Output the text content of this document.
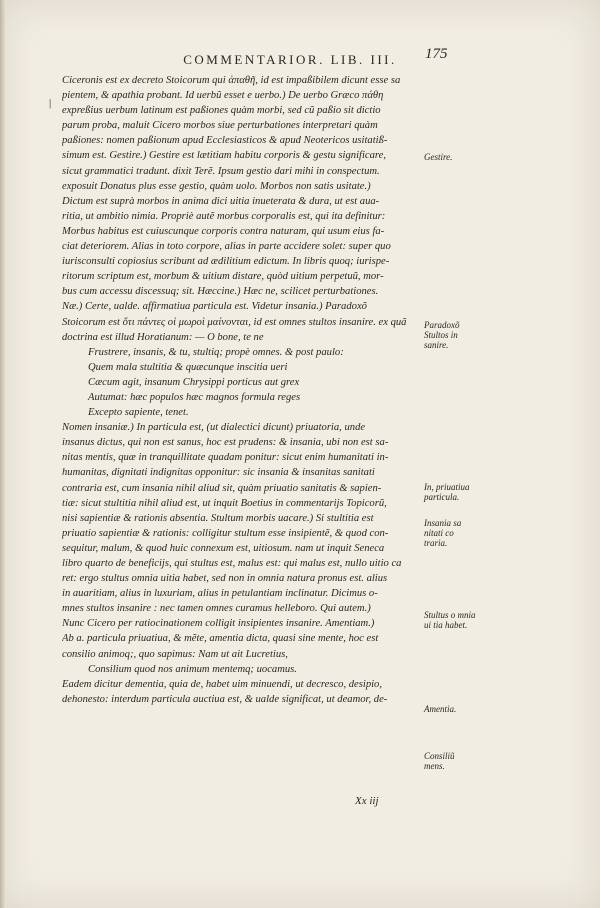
COMMENTARIOR. LIB. III.	175
|
Ciceronis est ex decreto Stoicorum qui ἀπαθῆ, id est impaßibilem dicunt esse sa
pientem, & apathia probant. Id uerbũ esset e uerbo.) De uerbo Græco πάθη
expreßius uerbum latinum est paßiones quàm morbi, sed cũ paßio sit dictio
parum proba, maluit Cicero morbos siue perturbationes interpretari quàm
paßiones: nomen paßionum apud Ecclesiasticos & apud Neotericos usitatiß-
simum est. Gestire.) Gestire est lætitiam habitu corporis & gestu significare,
sicut grammatici tradunt. dixit Terẽ. Ipsum gestio dari mihi in conspectum.
exposuit Donatus plus esse gestio, quàm uolo. Morbos non satis usitate.)
Dictum est suprà morbos in anima dici uitia inueterata & dura, ut est aua-
ritia, ut ambitio nimia. Propriè autẽ morbus corporalis est, qui ita definitur:
Morbus habitus est cuiuscunque corporis contra naturam, qui usum eius fa-
ciat deteriorem. Alias in toto corpore, alias in parte accidere solet: super quo
iurisconsulti copiosius scribunt ad ædilitium edictum. In libris quoq; iurispe-
ritorum scriptum est, morbum & uitium distare, quòd uitium perpetuũ, mor-
bus cum accessu discessuq; sit. Hæccine.) Hæc ne, scilicet perturbationes.
Næ.) Certe, ualde. affirmatiua particula est. Videtur insania.) Paradoxõ
Stoicorum est ὅτι πάντες οἱ μωροὶ μαίνονται, id est omnes stultos insanire. ex quã
doctrina est illud Horatianum: — O bone, te ne
Frustrere, insanis, & tu, stultiq; propè omnes. & post paulo:
Quem mala stultitia & quæcunque inscitia ueri
Cæcum agit, insanum Chrysippi porticus aut grex
Autumat: hæc populos hæc magnos formula reges
Excepto sapiente, tenet.
Nomen insaniæ.) In particula est, (ut dialectici dicunt) priuatoria, unde
insanus dictus, qui non est sanus, hoc est prudens: & insania, ubi non est sa-
nitas mentis, quæ in tranquillitate quadam ponitur: sicut enim humanitati in-
humanitas, dignitati indignitas opponitur: sic insania & insanitas sanitati
contraria est, cum insania nihil aliud sit, quàm priuatio sanitatis & sapien-
tiæ: sicut stultitia nihil aliud est, ut inquit Boetius in commentarijs Topicorũ,
nisi sapientiæ & rationis absentia. Stultum morbis uacare.) Si stultitia est
priuatio sapientiæ & rationis: colligitur stultum esse insipientẽ, & quod con-
sequitur, malum, & quod huic connexum est, uitiosum. nam ut inquit Seneca
libro quarto de beneficijs, qui stultus est, malus est: qui malus est, nullo uitio ca
ret: ergo stultus omnia uitia habet, sed non in omnia natura pronus est. alius
in auaritiam, alius in luxuriam, alius in petulantiam inclinatur. Dicimus o-
mnes stultos insanire : nec tamen omnes curamus helleboro. Qui autem.)
Nunc Cicero per ratiocinationem colligit insipientes insanire. Amentiam.)
Ab a. particula priuatiua, & mẽte, amentia dicta, quasi sine mente, hoc est
consilio animoq;, quo sapimus: Nam ut ait Lucretius,
Consilium quod nos animum mentemq; uocamus.
Eadem dicitur dementia, quia de, habet uim minuendi, ut decresco, desipio,
dehonesto: interdum particula auctiua est, & ualde significat, ut deamor, de-
Gestire.
Paradoxõ Stultos in sanire.
In, priuatiua particula.
Insania sa nitati co traria.
Stultus o mnia ui tia habet.
Amentia.
Consiliũ mens.
Xx iij
